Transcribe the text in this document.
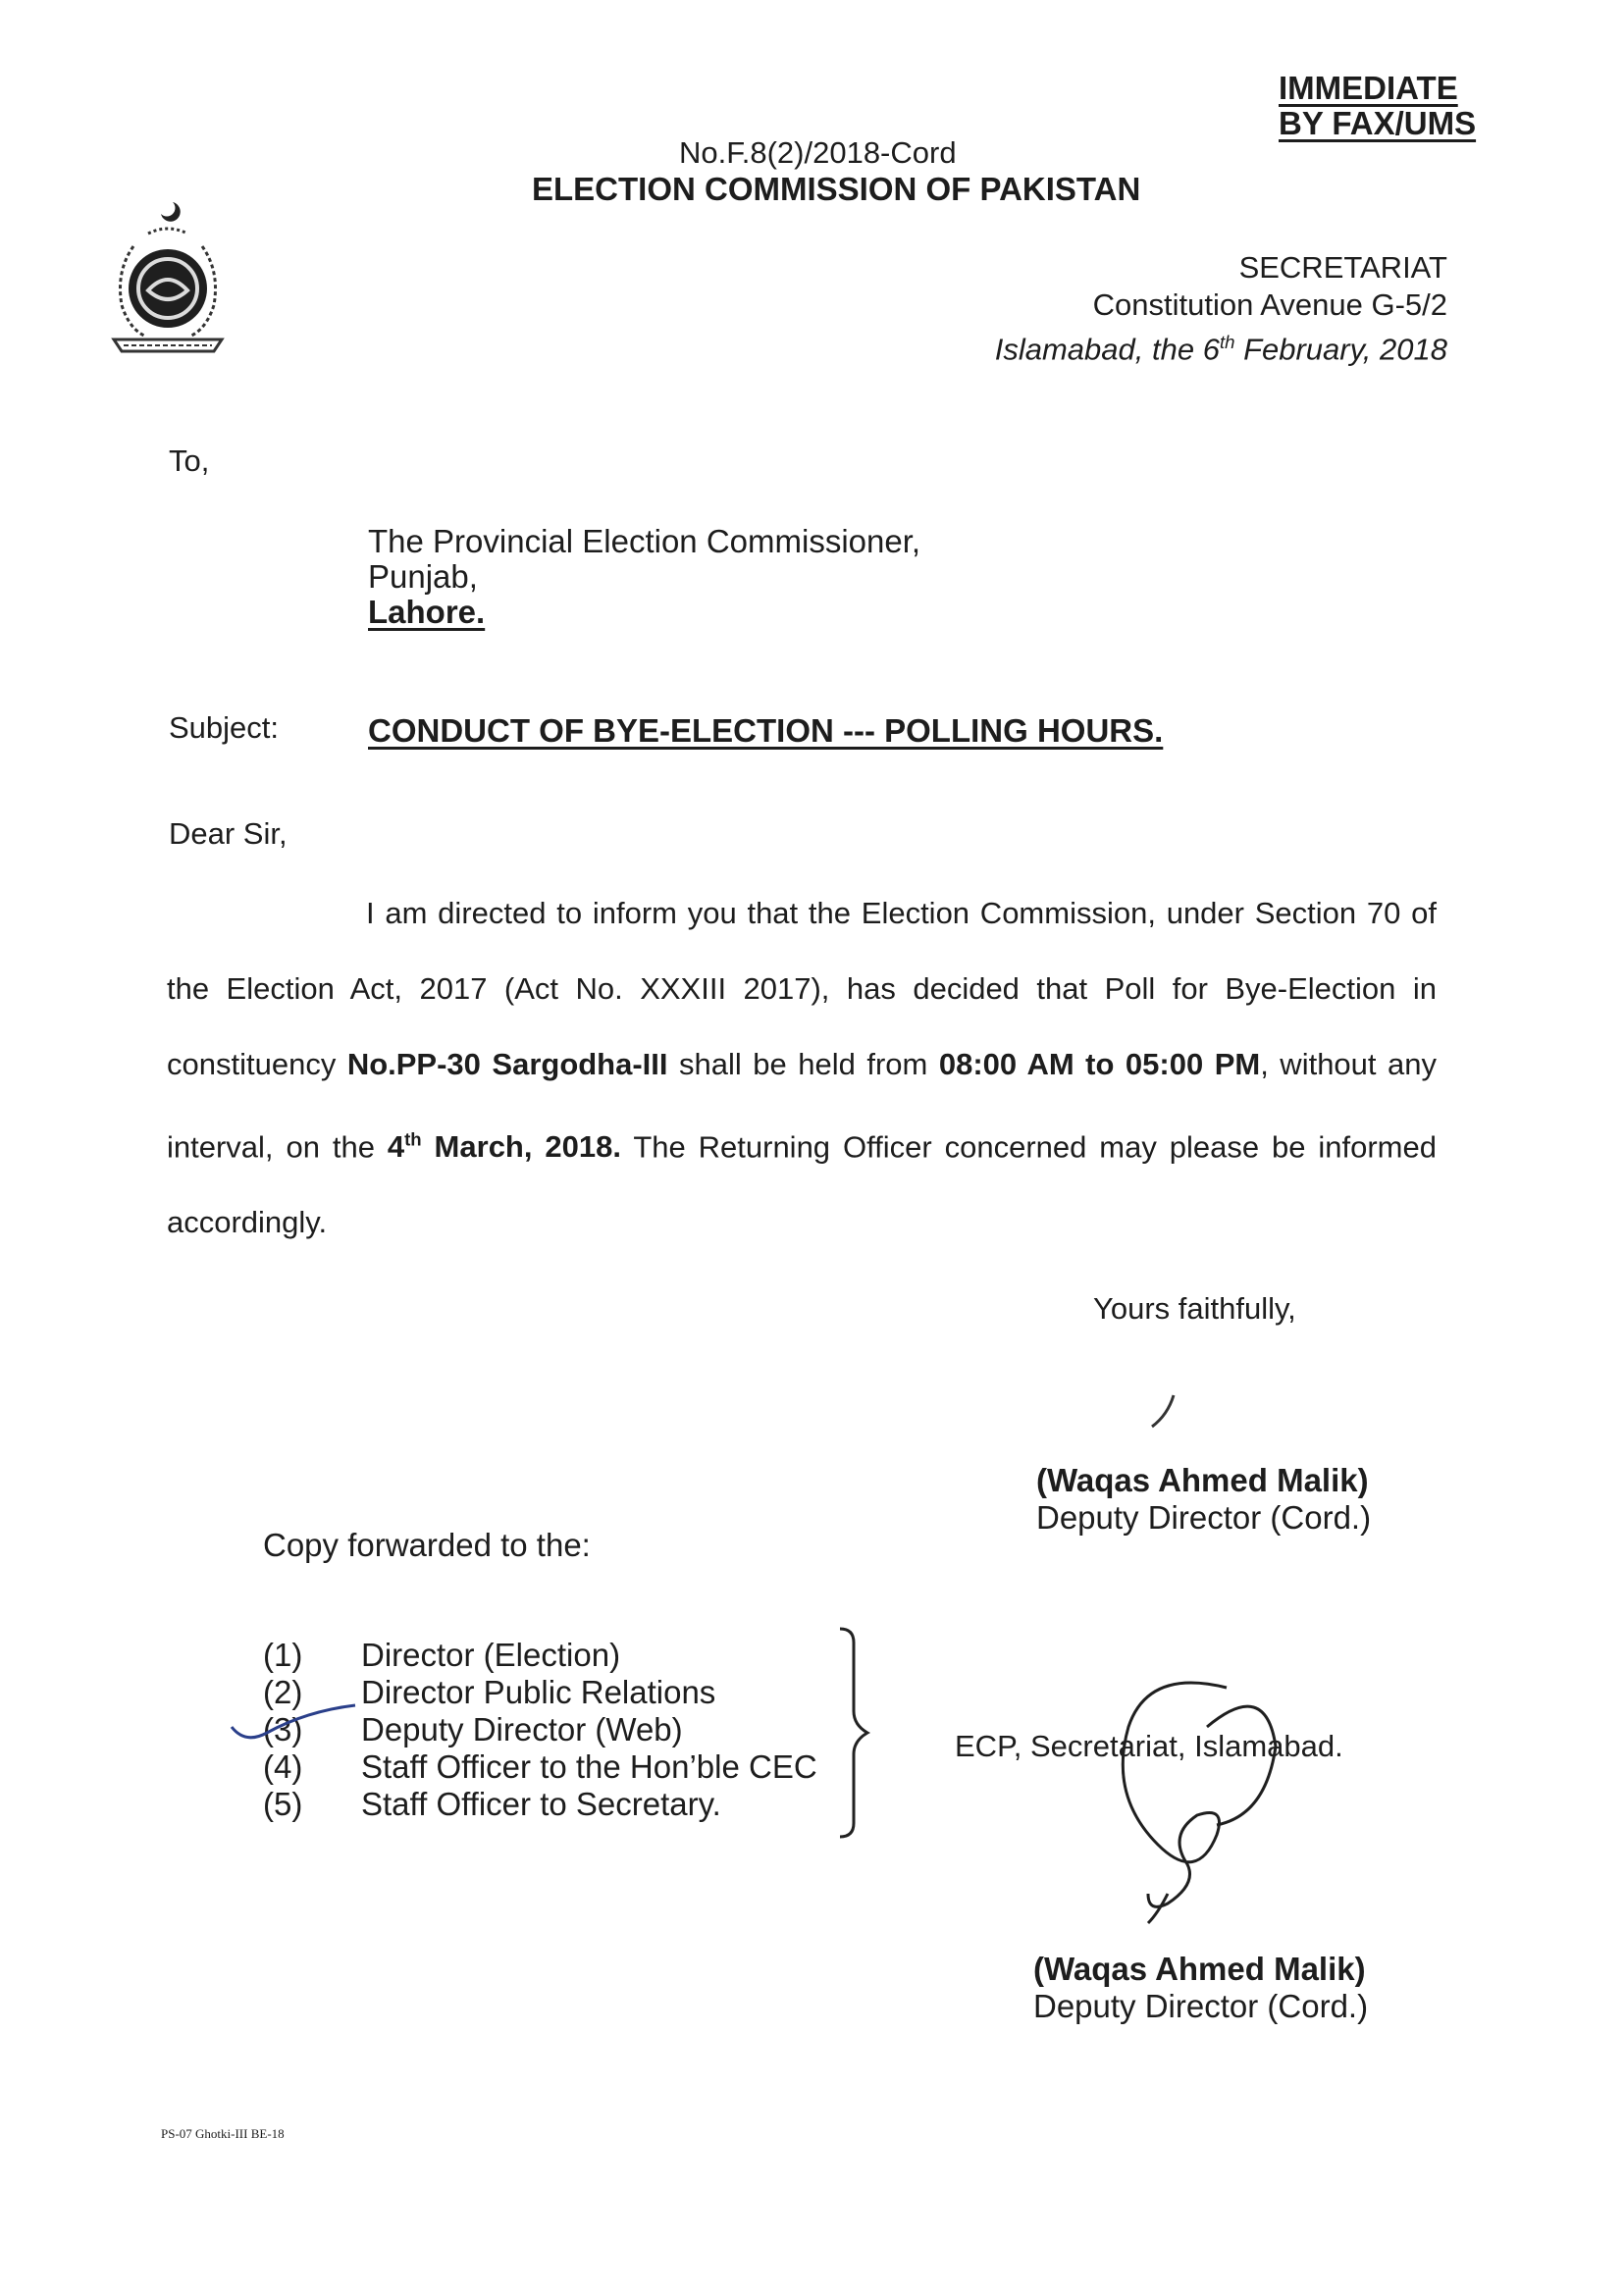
IMMEDIATE
BY FAX/UMS
No.F.8(2)/2018-Cord
ELECTION COMMISSION OF PAKISTAN
SECRETARIAT
Constitution Avenue G-5/2
Islamabad, the 6th February, 2018
To,
The Provincial Election Commissioner,
Punjab,
Lahore.
Subject:	CONDUCT OF BYE-ELECTION --- POLLING HOURS.
Dear Sir,

I am directed to inform you that the Election Commission, under Section 70 of the Election Act, 2017 (Act No. XXXIII 2017), has decided that Poll for Bye-Election in constituency No.PP-30 Sargodha-III shall be held from 08:00 AM to 05:00 PM, without any interval, on the 4th March, 2018. The Returning Officer concerned may please be informed accordingly.

Yours faithfully,
(Waqas Ahmed Malik)
Deputy Director (Cord.)
Copy forwarded to the:
(1)	Director (Election)
(2)	Director Public Relations
(3)	Deputy Director (Web)
(4)	Staff Officer to the Hon’ble CEC
(5)	Staff Officer to Secretary.
ECP, Secretariat, Islamabad.
(Waqas Ahmed Malik)
Deputy Director (Cord.)
PS-07 Ghotki-III BE-18
